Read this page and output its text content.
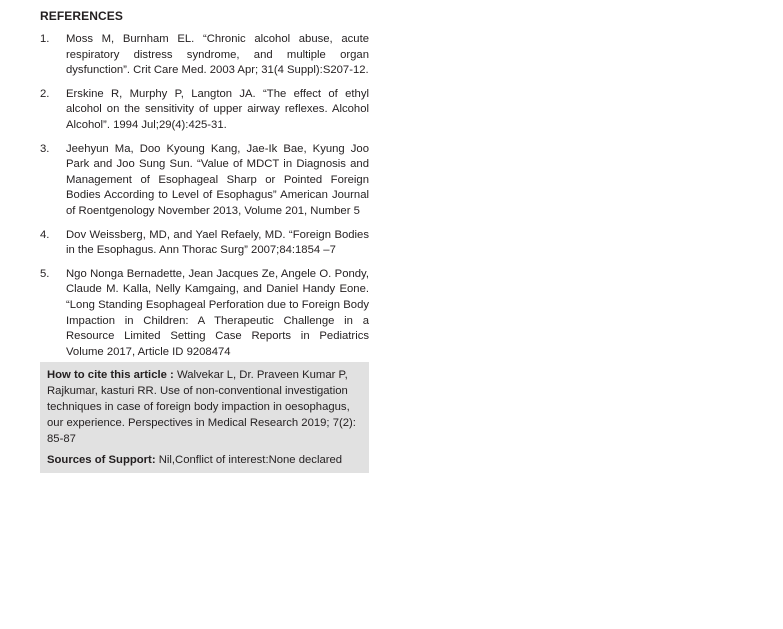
REFERENCES
1.	Moss M, Burnham EL. “Chronic alcohol abuse, acute respiratory distress syndrome, and multiple organ dysfunction”. Crit Care Med. 2003 Apr; 31(4 Suppl):S207-12.
2.	Erskine R, Murphy P, Langton JA. “The effect of ethyl alcohol on the sensitivity of upper airway reflexes. Alcohol Alcohol”. 1994 Jul;29(4):425-31.
3.	Jeehyun Ma, Doo Kyoung Kang, Jae-Ik Bae, Kyung Joo Park and Joo Sung Sun. “Value of MDCT in Diagnosis and Management of Esophageal Sharp or Pointed Foreign Bodies According to Level of Esophagus” American Journal of Roentgenology November 2013, Volume 201, Number 5
4.	Dov Weissberg, MD, and Yael Refaely, MD. “Foreign Bodies in the Esophagus. Ann Thorac Surg” 2007;84:1854 –7
5.	Ngo Nonga Bernadette, Jean Jacques Ze, Angele O. Pondy, Claude M. Kalla, Nelly Kamgaing, and Daniel Handy Eone. “Long Standing Esophageal Perforation due to Foreign Body Impaction in Children: A Therapeutic Challenge in a Resource Limited Setting Case Reports in Pediatrics Volume 2017, Article ID 9208474

How to cite this article : Walvekar L, Dr. Praveen Kumar P, Rajkumar, kasturi RR. Use of non-conventional investigation techniques in case of foreign body impaction in oesophagus, our experience. Perspectives in Medical Research 2019; 7(2): 85-87

Sources of Support: Nil,Conflict of interest:None declared
